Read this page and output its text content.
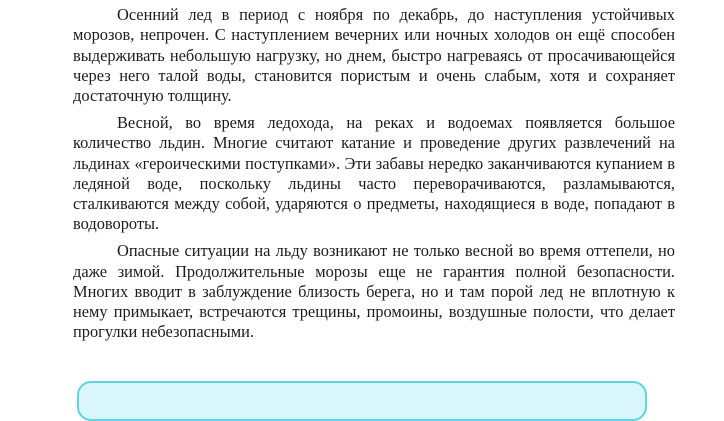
Осенний лед в период с ноября по декабрь, до наступления устойчивых морозов, непрочен. С наступлением вечерних или ночных холодов он ещё способен выдерживать небольшую нагрузку, но днем, быстро нагреваясь от просачивающейся через него талой воды, становится пористым и очень слабым, хотя и сохраняет достаточную толщину.

Весной, во время ледохода, на реках и водоемах появляется большое количество льдин. Многие считают катание и проведение других развлечений на льдинах «героическими поступками». Эти забавы нередко заканчиваются купанием в ледяной воде, поскольку льдины часто переворачиваются, разламываются, сталкиваются между собой, ударяются о предметы, находящиеся в воде, попадают в водовороты.

Опасные ситуации на льду возникают не только весной во время оттепели, но даже зимой. Продолжительные морозы еще не гарантия полной безопасности. Многих вводит в заблуждение близость берега, но и там порой лед не вплотную к нему примыкает, встречаются трещины, промоины, воздушные полости, что делает прогулки небезопасными.
